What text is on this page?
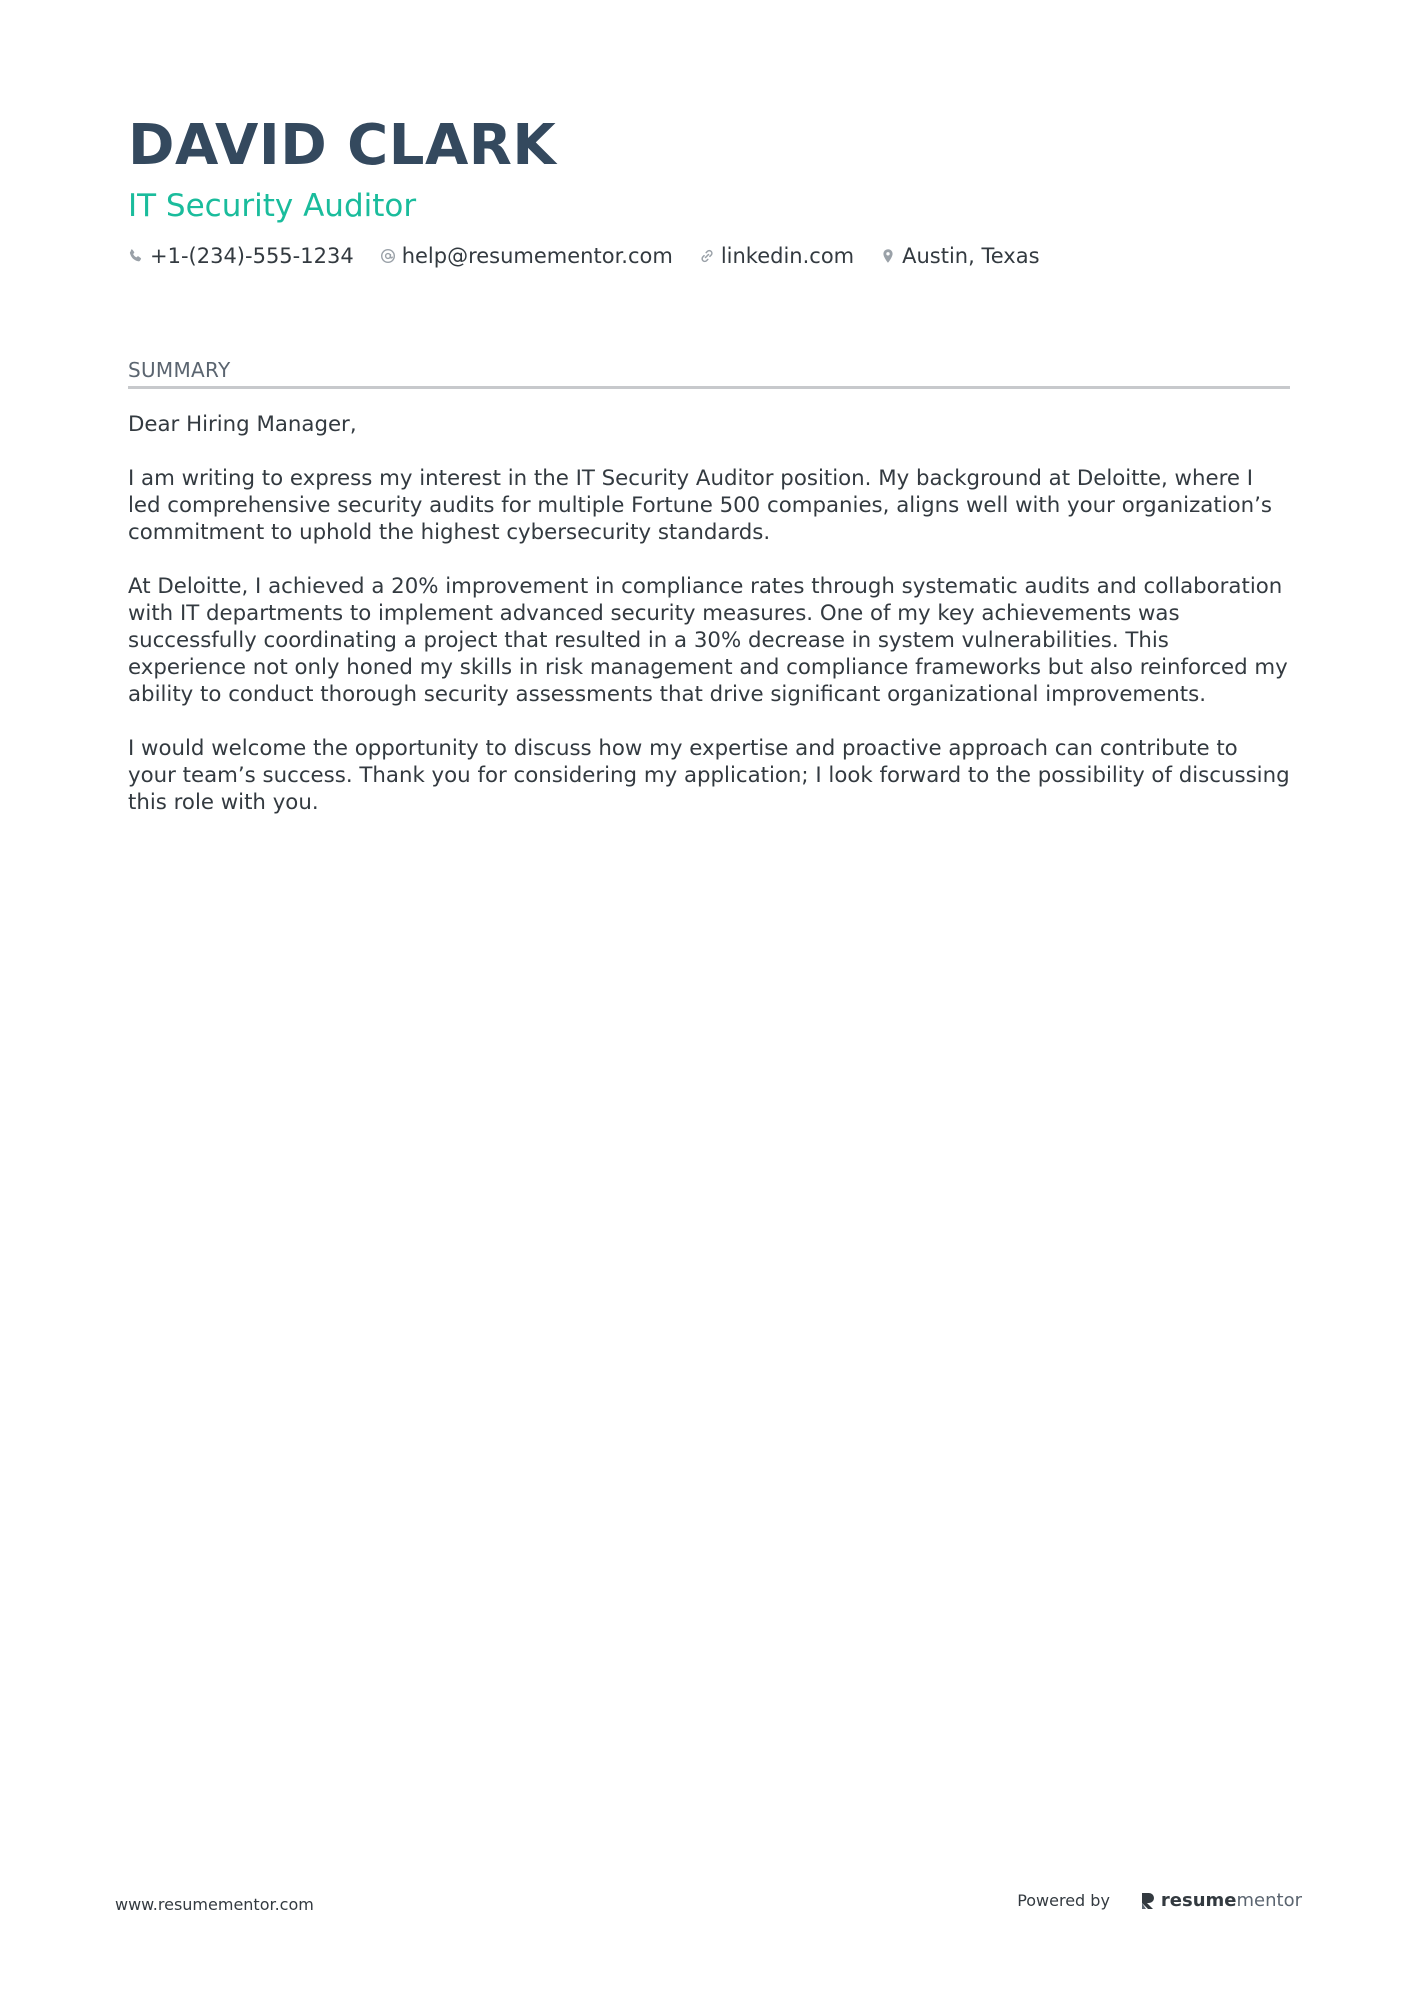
DAVID CLARK
IT Security Auditor
+1-(234)-555-1234 help@resumementor.com linkedin.com Austin, Texas
SUMMARY

Dear Hiring Manager,

I am writing to express my interest in the IT Security Auditor position. My background at Deloitte, where I led comprehensive security audits for multiple Fortune 500 companies, aligns well with your organization’s commitment to uphold the highest cybersecurity standards.

At Deloitte, I achieved a 20% improvement in compliance rates through systematic audits and collaboration with IT departments to implement advanced security measures. One of my key achievements was successfully coordinating a project that resulted in a 30% decrease in system vulnerabilities. This experience not only honed my skills in risk management and compliance frameworks but also reinforced my ability to conduct thorough security assessments that drive significant organizational improvements.

I would welcome the opportunity to discuss how my expertise and proactive approach can contribute to your team’s success. Thank you for considering my application; I look forward to the possibility of discussing this role with you.

www.resumementor.com	Powered by	resume mentor
